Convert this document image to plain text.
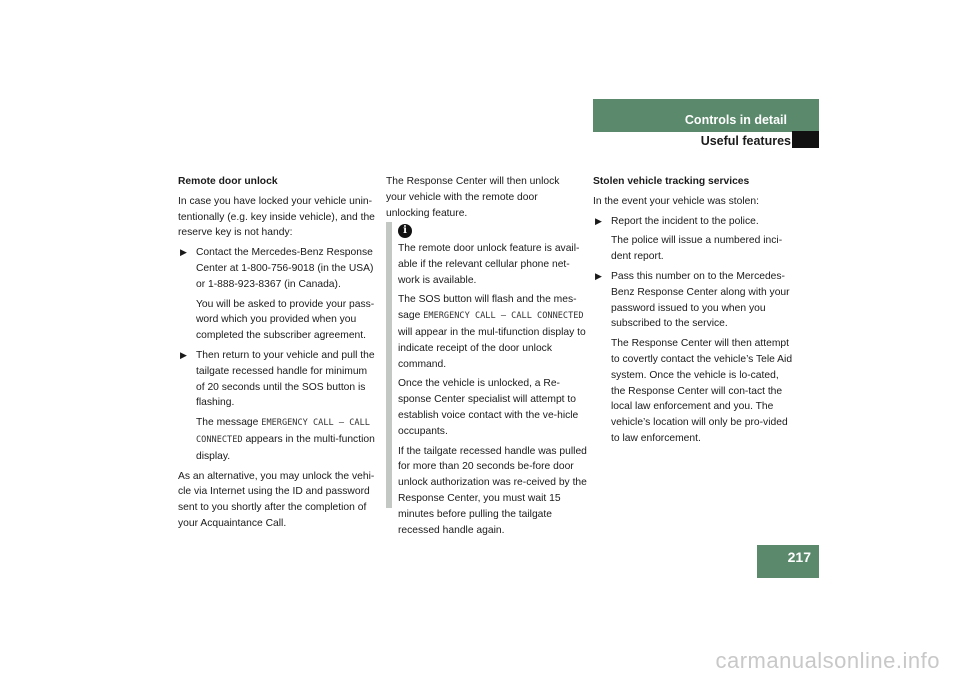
Controls in detail
Useful features

Remote door unlock

In case you have locked your vehicle unin-tentionally (e.g. key inside vehicle), and the reserve key is not handy:

▶ Contact the Mercedes-Benz Response Center at 1-800-756-9018 (in the USA) or 1-888-923-8367 (in Canada).

You will be asked to provide your pass-word which you provided when you completed the subscriber agreement.

▶ Then return to your vehicle and pull the tailgate recessed handle for minimum of 20 seconds until the SOS button is flashing.

The message EMERGENCY CALL – CALL CONNECTED appears in the multi-function display.

As an alternative, you may unlock the vehi-cle via Internet using the ID and password sent to you shortly after the completion of your Acquaintance Call.

The Response Center will then unlock your vehicle with the remote door unlocking feature.

i

The remote door unlock feature is avail-able if the relevant cellular phone net-work is available.

The SOS button will flash and the mes-sage EMERGENCY CALL – CALL CONNECTED will appear in the mul-tifunction display to indicate receipt of the door unlock command.

Once the vehicle is unlocked, a Re-sponse Center specialist will attempt to establish voice contact with the ve-hicle occupants.

If the tailgate recessed handle was pulled for more than 20 seconds be-fore door unlock authorization was re-ceived by the Response Center, you must wait 15 minutes before pulling the tailgate recessed handle again.

Stolen vehicle tracking services

In the event your vehicle was stolen:

▶ Report the incident to the police.

The police will issue a numbered inci-dent report.

▶ Pass this number on to the Mercedes-Benz Response Center along with your password issued to you when you subscribed to the service.

The Response Center will then attempt to covertly contact the vehicle’s Tele Aid system. Once the vehicle is lo-cated, the Response Center will con-tact the local law enforcement and you. The vehicle’s location will only be pro-vided to law enforcement.

217
carmanualsonline.info
